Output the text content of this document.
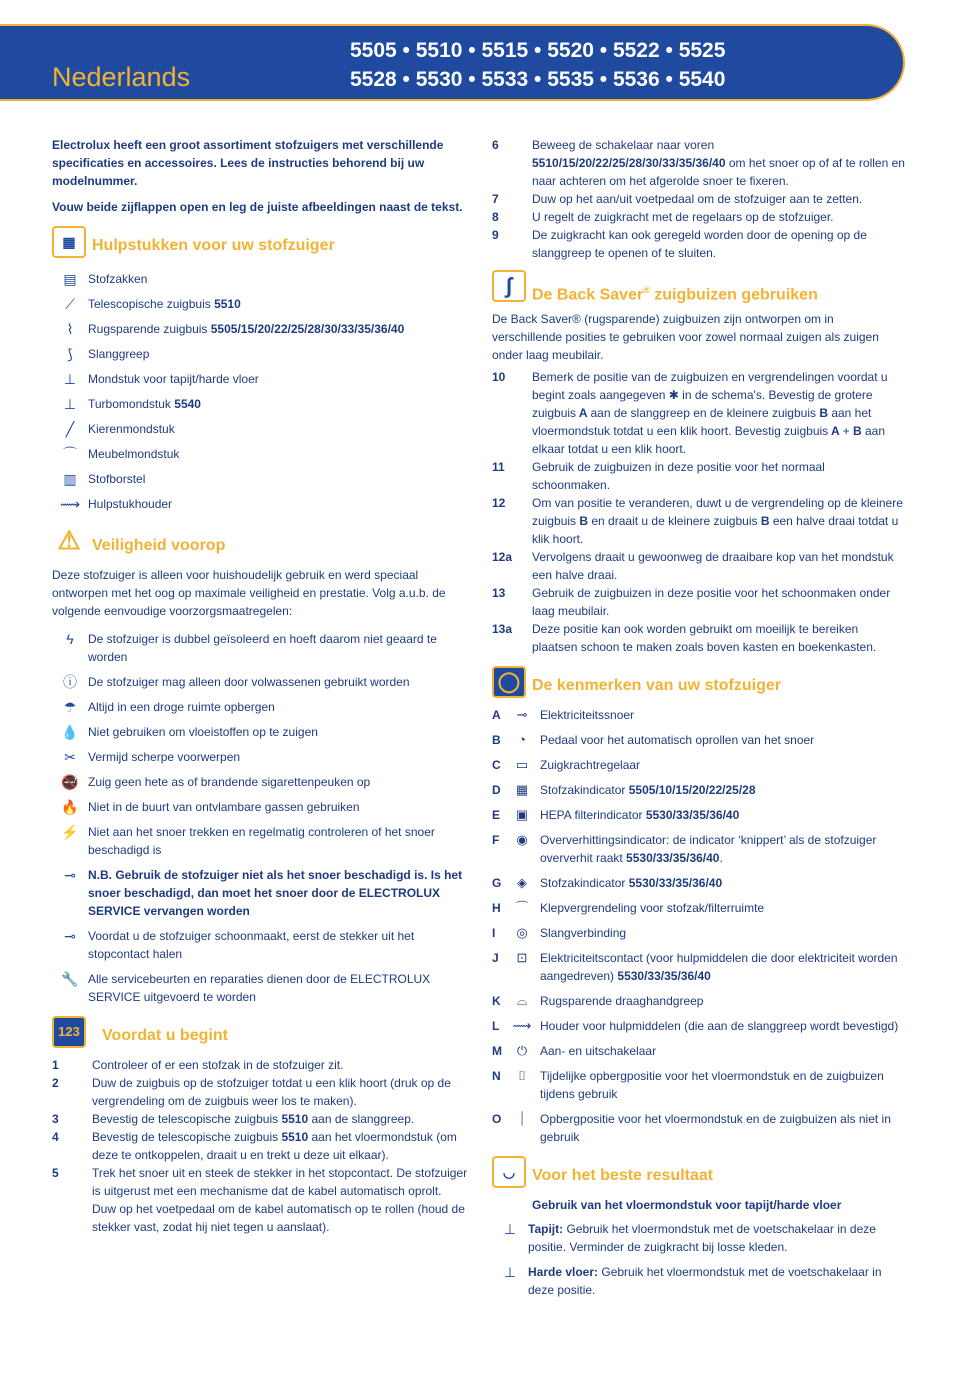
Nederlands
5505 • 5510 • 5515 • 5520 • 5522 • 5525
5528 • 5530 • 5533 • 5535 • 5536 • 5540

Electrolux heeft een groot assortiment stofzuigers met verschillende specificaties en accessoires. Lees de instructies behorend bij uw modelnummer.

Vouw beide zijflappen open en leg de juiste afbeeldingen naast de tekst.

▦	Hulpstukken voor uw stofzuiger
▤ Stofzakken
⟋	Telescopische zuigbuis 5510
⌇	Rugsparende zuigbuis 5505/15/20/22/25/28/30/33/35/36/40
⟆	Slanggreep
⊥ Mondstuk voor tapijt/harde vloer
⊥ Turbomondstuk 5540
╱	Kierenmondstuk
⌒ Meubelmondstuk
▥ Stofborstel
⟿ Hulpstukhouder
⚠ Veiligheid voorop

Deze stofzuiger is alleen voor huishoudelijk gebruik en werd speciaal ontworpen met het oog op maximale veiligheid en prestatie. Volg a.u.b. de volgende eenvoudige voorzorgsmaatregelen:

ϟ	De stofzuiger is dubbel geïsoleerd en hoeft daarom niet geaard te worden
ⓘ De stofzuiger mag alleen door volwassenen gebruikt worden
☂ Altijd in een droge ruimte opbergen
💧 Niet gebruiken om vloeistoffen op te zuigen
✂	Vermijd scherpe voorwerpen
🚭 Zuig geen hete as of brandende sigarettenpeuken op
🔥 Niet in de buurt van ontvlambare gassen gebruiken
⚡ Niet aan het snoer trekken en regelmatig controleren of het snoer beschadigd is
⊸	N.B. Gebruik de stofzuiger niet als het snoer beschadigd is. Is het snoer beschadigd, dan moet het snoer door de ELECTROLUX SERVICE vervangen worden
⊸	Voordat u de stofzuiger schoonmaakt, eerst de stekker uit het stopcontact halen
🔧 Alle servicebeurten en reparaties dienen door de ELECTROLUX SERVICE uitgevoerd te worden
123	Voordat u begint
1	Controleer of er een stofzak in de stofzuiger zit.
2	Duw de zuigbuis op de stofzuiger totdat u een klik hoort (druk op de vergrendeling om de zuigbuis weer los te maken).
3	Bevestig de telescopische zuigbuis 5510 aan de slanggreep.
4	Bevestig de telescopische zuigbuis 5510 aan het vloermondstuk (om deze te ontkoppelen, draait u en trekt u deze uit elkaar).
5	Trek het snoer uit en steek de stekker in het stopcontact. De stofzuiger is uitgerust met een mechanisme dat de kabel automatisch oprolt. Duw op het voetpedaal om de kabel automatisch op te rollen (houd de stekker vast, zodat hij niet tegen u aanslaat).
6	Beweeg de schakelaar naar voren 5510/15/20/22/25/28/30/33/35/36/40 om het snoer op of af te rollen en naar achteren om het afgerolde snoer te fixeren.
7	Duw op het aan/uit voetpedaal om de stofzuiger aan te zetten.
8	U regelt de zuigkracht met de regelaars op de stofzuiger.
9	De zuigkracht kan ook geregeld worden door de opening op de slanggreep te openen of te sluiten.
∫	De Back Saver® zuigbuizen gebruiken

De Back Saver® (rugsparende) zuigbuizen zijn ontworpen om in verschillende posities te gebruiken voor zowel normaal zuigen als zuigen onder laag meubilair.

10	Bemerk de positie van de zuigbuizen en vergrendelingen voordat u begint zoals aangegeven ✱ in de schema's. Bevestig de grotere zuigbuis A aan de slanggreep en de kleinere zuigbuis B aan het vloermondstuk totdat u een klik hoort. Bevestig zuigbuis A + B aan elkaar totdat u een klik hoort.
11	Gebruik de zuigbuizen in deze positie voor het normaal schoonmaken.
12	Om van positie te veranderen, duwt u de vergrendeling op de kleinere zuigbuis B en draait u de kleinere zuigbuis B een halve draai totdat u klik hoort.
12a	Vervolgens draait u gewoonweg de draaibare kop van het mondstuk een halve draai.
13	Gebruik de zuigbuizen in deze positie voor het schoonmaken onder laag meubilair.
13a	Deze positie kan ook worden gebruikt om moeilijk te bereiken plaatsen schoon te maken zoals boven kasten en boekenkasten.
◯ De kenmerken van uw stofzuiger
A	⊸	Elektriciteitssnoer
B	◔	Pedaal voor het automatisch oprollen van het snoer
C	▭ Zuigkrachtregelaar
D	▦ Stofzakindicator 5505/10/15/20/22/25/28
E	▣ HEPA filterindicator 5530/33/35/36/40
F	◉	Oververhittingsindicator: de indicator ‘knippert’ als de stofzuiger oververhit raakt 5530/33/35/36/40.
G	◈	Stofzakindicator 5530/33/35/36/40
H	⌒ Klepvergrendeling voor stofzak/filterruimte
I	◎	Slangverbinding
J	⊡	Elektriciteitscontact (voor hulpmiddelen die door elektriciteit worden aangedreven) 5530/33/35/36/40
K	⌓	Rugsparende draaghandgreep
L	⟿ Houder voor hulpmiddelen (die aan de slanggreep wordt bevestigd)
M	⏻	Aan- en uitschakelaar
N	⌷	Tijdelijke opbergpositie voor het vloermondstuk en de zuigbuizen tijdens gebruik
O	⏐	Opbergpositie voor het vloermondstuk en de zuigbuizen als niet in gebruik
◡	Voor het beste resultaat

Gebruik van het vloermondstuk voor tapijt/harde vloer

⊥ Tapijt: Gebruik het vloermondstuk met de voetschakelaar in deze positie. Verminder de zuigkracht bij losse kleden.
⊥ Harde vloer: Gebruik het vloermondstuk met de voetschakelaar in deze positie.
